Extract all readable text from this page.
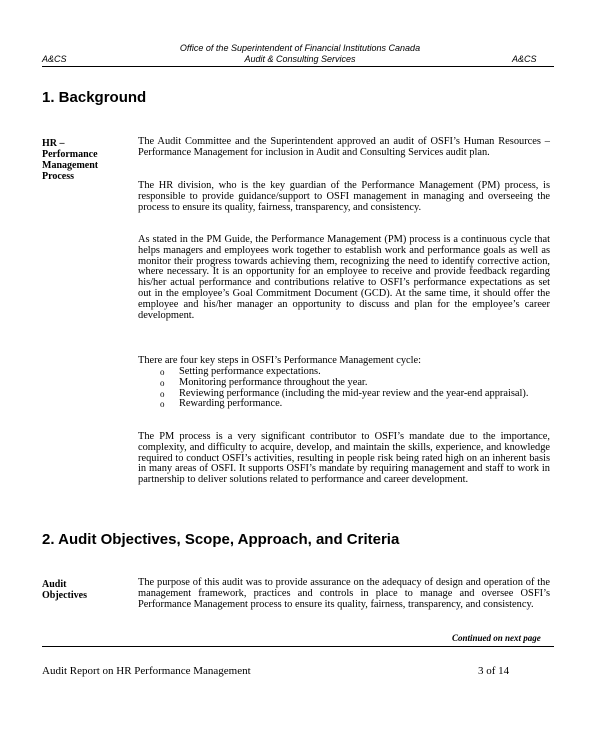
A&CS
Office of the Superintendent of Financial Institutions Canada
Audit & Consulting Services	A&CS
1. Background
HR – Performance Management Process

The Audit Committee and the Superintendent approved an audit of OSFI’s Human Resources – Performance Management for inclusion in Audit and Consulting Services audit plan.

The HR division, who is the key guardian of the Performance Management (PM) process, is responsible to provide guidance/support to OSFI management in managing and overseeing the process to ensure its quality, fairness, transparency, and consistency.

As stated in the PM Guide, the Performance Management (PM) process is a continuous cycle that helps managers and employees work together to establish work and performance goals as well as monitor their progress towards achieving them, recognizing the need to identify corrective action, where necessary. It is an opportunity for an employee to receive and provide feedback regarding his/her actual performance and contributions relative to OSFI’s performance expectations as set out in the employee’s Goal Commitment Document (GCD). At the same time, it should offer the employee and his/her manager an opportunity to discuss and plan for the employee’s career development.

There are four key steps in OSFI’s Performance Management cycle:

o Setting performance expectations.
o Monitoring performance throughout the year.
o Reviewing performance (including the mid-year review and the year-end appraisal).
o Rewarding performance.

The PM process is a very significant contributor to OSFI’s mandate due to the importance, complexity, and difficulty to acquire, develop, and maintain the skills, experience, and knowledge required to conduct OSFI’s activities, resulting in people risk being rated high on an inherent basis in many areas of OSFI. It supports OSFI’s mandate by requiring management and staff to work in partnership to deliver solutions related to performance and career development.

2. Audit Objectives, Scope, Approach, and Criteria
Audit Objectives

The purpose of this audit was to provide assurance on the adequacy of design and operation of the management framework, practices and controls in place to manage and oversee OSFI’s Performance Management process to ensure its quality, fairness, transparency, and consistency.

Continued on next page
Audit Report on HR Performance Management	3 of 14
